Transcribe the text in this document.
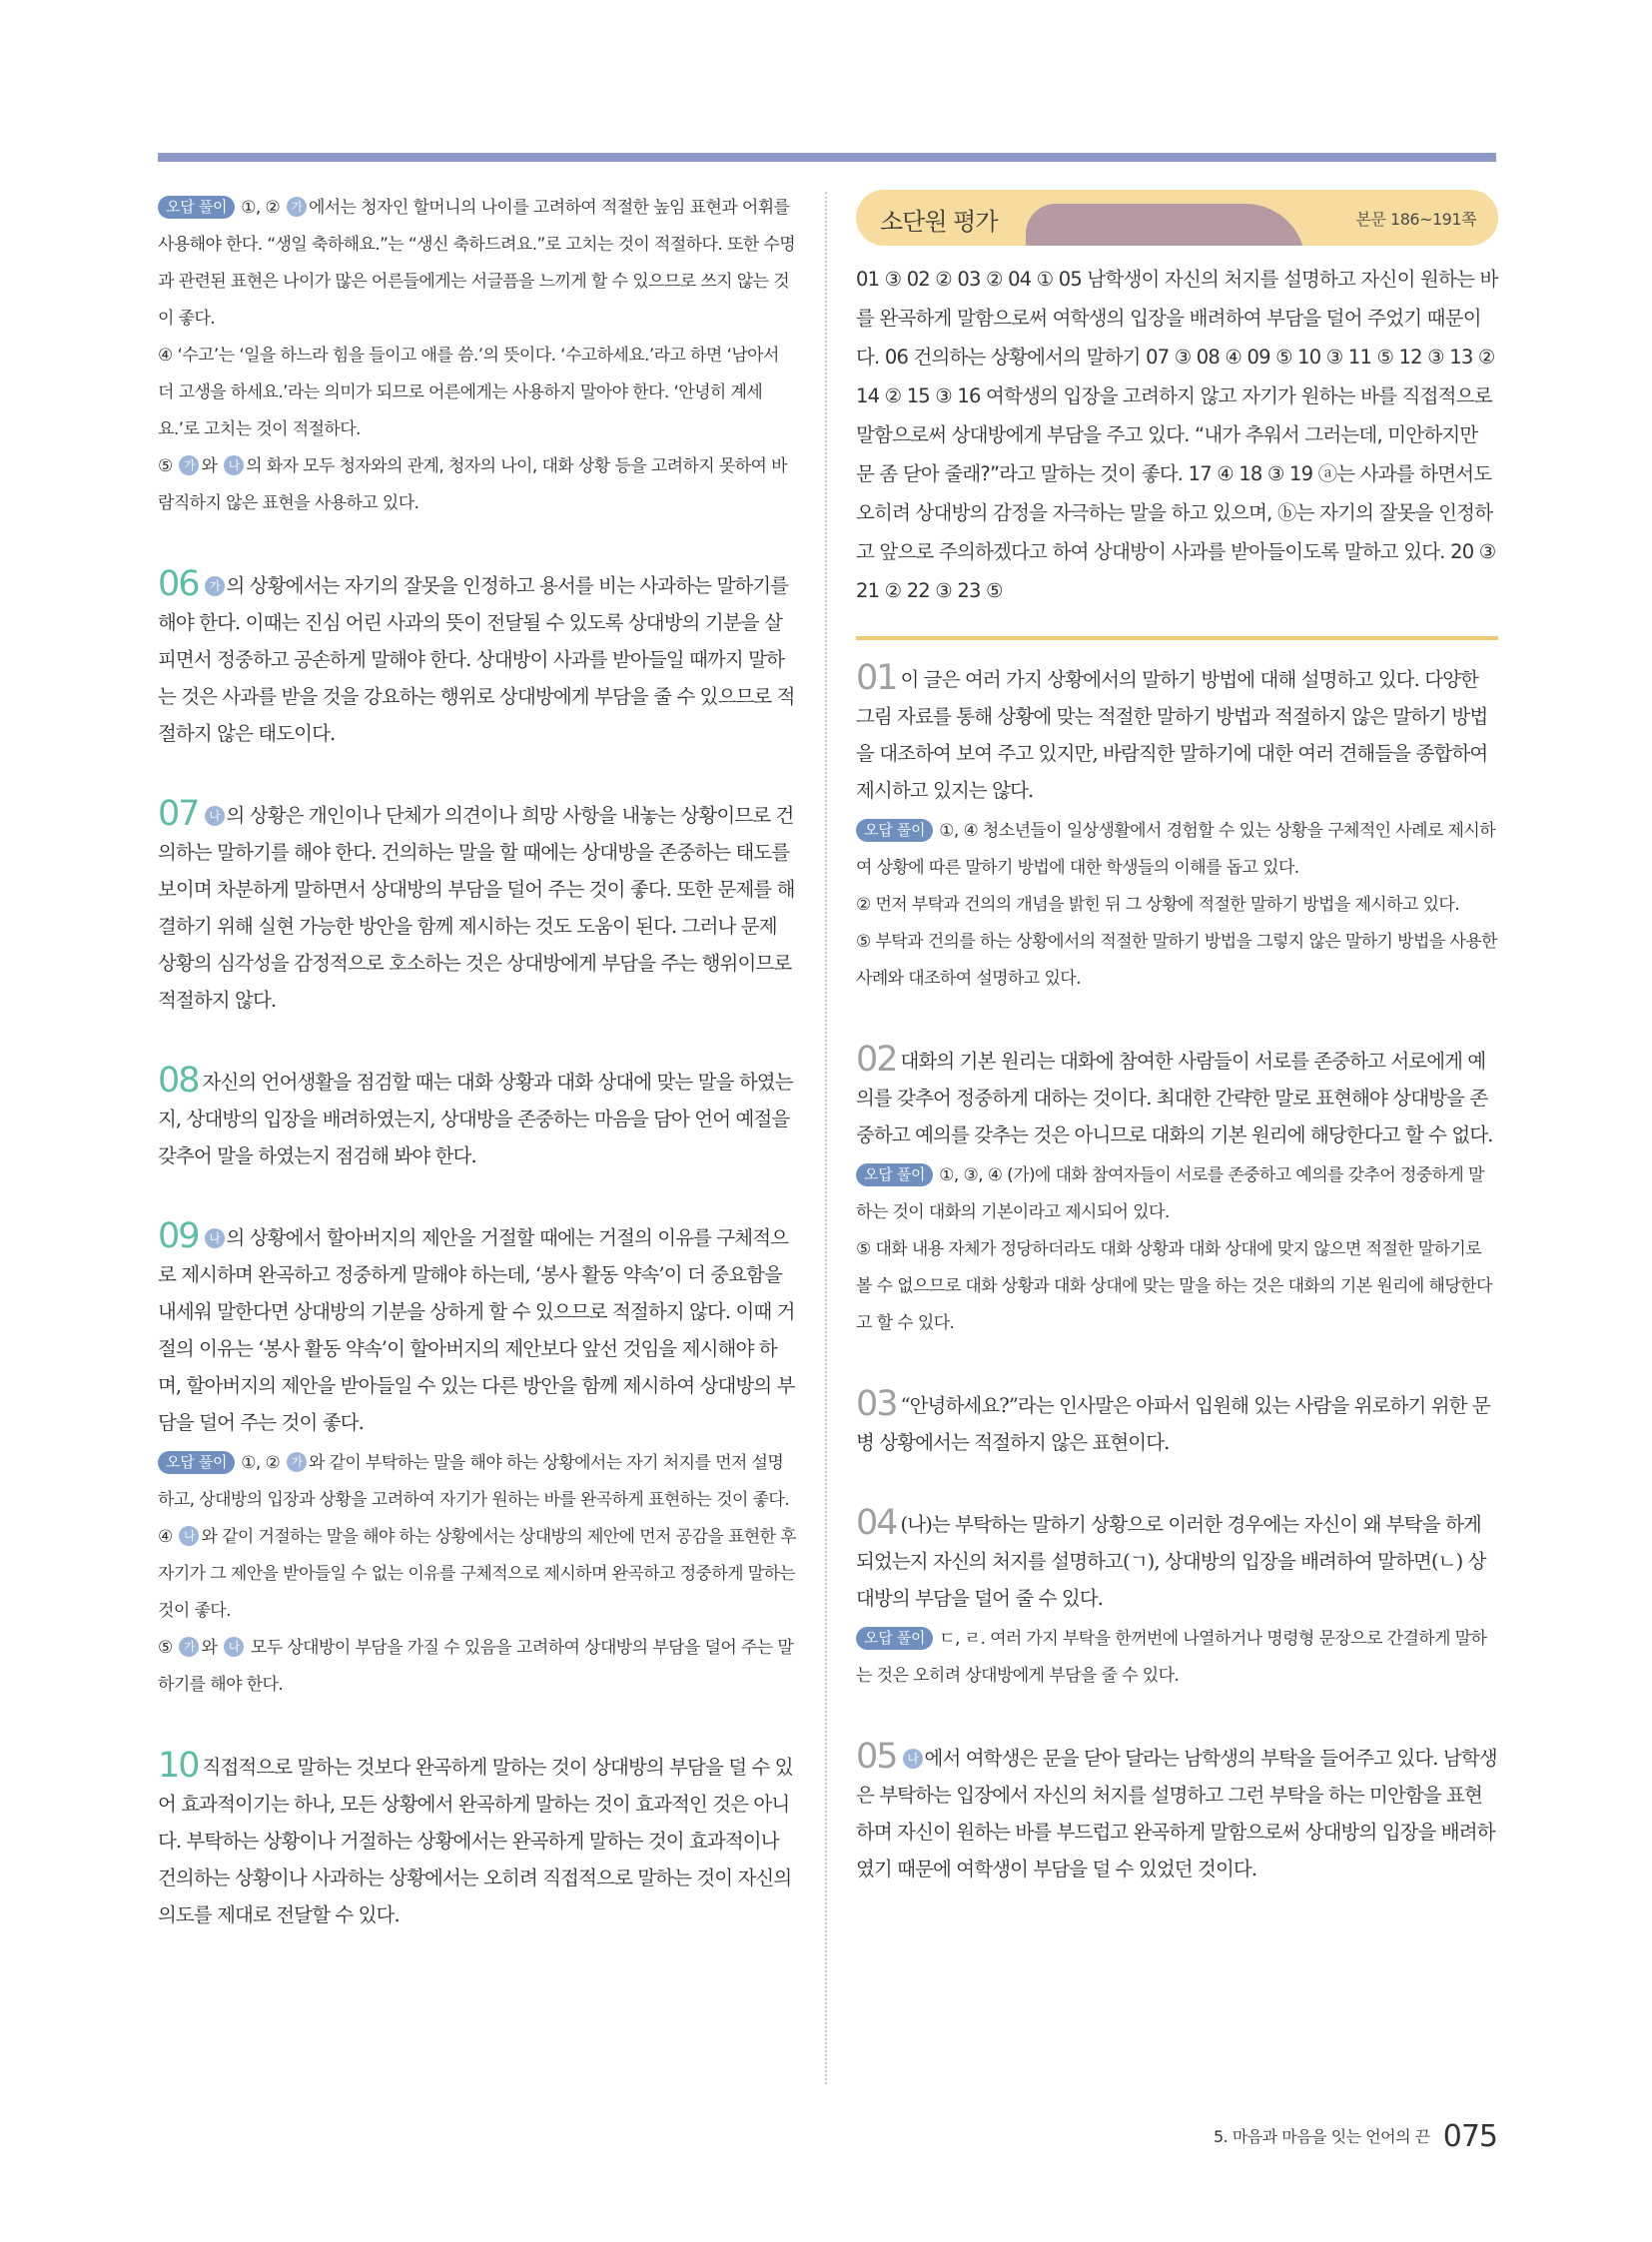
오답 풀이 ①, ② 가 에서는 청자인 할머니의 나이를 고려하여 적절한 높임 표현과 어휘를 사용해야 한다. “생일 축하해요.”는 “생신 축하드려요.”로 고치는 것이 적절하다. 또한 수명과 관련된 표현은 나이가 많은 어른들에게는 서글픔을 느끼게 할 수 있으므로 쓰지 않는 것이 좋다.

④ ‘수고’는 ‘일을 하느라 힘을 들이고 애를 씀.’의 뜻이다. ‘수고하세요.’라고 하면 ‘남아서 더 고생을 하세요.’라는 의미가 되므로 어른에게는 사용하지 말아야 한다. ‘안녕히 계세요.’로 고치는 것이 적절하다.

⑤ 가 와 나 의 화자 모두 청자와의 관계, 청자의 나이, 대화 상황 등을 고려하지 못하여 바람직하지 않은 표현을 사용하고 있다.

06 가 의 상황에서는 자기의 잘못을 인정하고 용서를 비는 사과하는 말하기를 해야 한다. 이때는 진심 어린 사과의 뜻이 전달될 수 있도록 상대방의 기분을 살피면서 정중하고 공손하게 말해야 한다. 상대방이 사과를 받아들일 때까지 말하는 것은 사과를 받을 것을 강요하는 행위로 상대방에게 부담을 줄 수 있으므로 적절하지 않은 태도이다.

07 나 의 상황은 개인이나 단체가 의견이나 희망 사항을 내놓는 상황이므로 건의하는 말하기를 해야 한다. 건의하는 말을 할 때에는 상대방을 존중하는 태도를 보이며 차분하게 말하면서 상대방의 부담을 덜어 주는 것이 좋다. 또한 문제를 해결하기 위해 실현 가능한 방안을 함께 제시하는 것도 도움이 된다. 그러나 문제 상황의 심각성을 감정적으로 호소하는 것은 상대방에게 부담을 주는 행위이므로 적절하지 않다.

08 자신의 언어생활을 점검할 때는 대화 상황과 대화 상대에 맞는 말을 하였는지, 상대방의 입장을 배려하였는지, 상대방을 존중하는 마음을 담아 언어 예절을 갖추어 말을 하였는지 점검해 봐야 한다.

09 나 의 상황에서 할아버지의 제안을 거절할 때에는 거절의 이유를 구체적으로 제시하며 완곡하고 정중하게 말해야 하는데, ‘봉사 활동 약속’이 더 중요함을 내세워 말한다면 상대방의 기분을 상하게 할 수 있으므로 적절하지 않다. 이때 거절의 이유는 ‘봉사 활동 약속’이 할아버지의 제안보다 앞선 것임을 제시해야 하며, 할아버지의 제안을 받아들일 수 있는 다른 방안을 함께 제시하여 상대방의 부담을 덜어 주는 것이 좋다.

오답 풀이 ①, ② 가 와 같이 부탁하는 말을 해야 하는 상황에서는 자기 처지를 먼저 설명하고, 상대방의 입장과 상황을 고려하여 자기가 원하는 바를 완곡하게 표현하는 것이 좋다.

④ 나 와 같이 거절하는 말을 해야 하는 상황에서는 상대방의 제안에 먼저 공감을 표현한 후 자기가 그 제안을 받아들일 수 없는 이유를 구체적으로 제시하며 완곡하고 정중하게 말하는 것이 좋다.

⑤ 가 와 나 모두 상대방이 부담을 가질 수 있음을 고려하여 상대방의 부담을 덜어 주는 말하기를 해야 한다.

10 직접적으로 말하는 것보다 완곡하게 말하는 것이 상대방의 부담을 덜 수 있어 효과적이기는 하나, 모든 상황에서 완곡하게 말하는 것이 효과적인 것은 아니다. 부탁하는 상황이나 거절하는 상황에서는 완곡하게 말하는 것이 효과적이나 건의하는 상황이나 사과하는 상황에서는 오히려 직접적으로 말하는 것이 자신의 의도를 제대로 전달할 수 있다.

소단원 평가	본문 186~191쪽
01 ③ 02 ② 03 ② 04 ① 05 남학생이 자신의 처지를 설명하고 자신이 원하는 바를 완곡하게 말함으로써 여학생의 입장을 배려하여 부담을 덜어 주었기 때문이다. 06 건의하는 상황에서의 말하기 07 ③ 08 ④ 09 ⑤ 10 ③ 11 ⑤ 12 ③ 13 ② 14 ② 15 ③ 16 여학생의 입장을 고려하지 않고 자기가 원하는 바를 직접적으로 말함으로써 상대방에게 부담을 주고 있다. “내가 추워서 그러는데, 미안하지만 문 좀 닫아 줄래?”라고 말하는 것이 좋다. 17 ④ 18 ③ 19 ⓐ는 사과를 하면서도 오히려 상대방의 감정을 자극하는 말을 하고 있으며, ⓑ는 자기의 잘못을 인정하고 앞으로 주의하겠다고 하여 상대방이 사과를 받아들이도록 말하고 있다. 20 ③ 21 ② 22 ③ 23 ⑤

01 이 글은 여러 가지 상황에서의 말하기 방법에 대해 설명하고 있다. 다양한 그림 자료를 통해 상황에 맞는 적절한 말하기 방법과 적절하지 않은 말하기 방법을 대조하여 보여 주고 있지만, 바람직한 말하기에 대한 여러 견해들을 종합하여 제시하고 있지는 않다.

오답 풀이 ①, ④ 청소년들이 일상생활에서 경험할 수 있는 상황을 구체적인 사례로 제시하여 상황에 따른 말하기 방법에 대한 학생들의 이해를 돕고 있다.

② 먼저 부탁과 건의의 개념을 밝힌 뒤 그 상황에 적절한 말하기 방법을 제시하고 있다.

⑤ 부탁과 건의를 하는 상황에서의 적절한 말하기 방법을 그렇지 않은 말하기 방법을 사용한 사례와 대조하여 설명하고 있다.

02 대화의 기본 원리는 대화에 참여한 사람들이 서로를 존중하고 서로에게 예의를 갖추어 정중하게 대하는 것이다. 최대한 간략한 말로 표현해야 상대방을 존중하고 예의를 갖추는 것은 아니므로 대화의 기본 원리에 해당한다고 할 수 없다.

오답 풀이 ①, ③, ④ (가)에 대화 참여자들이 서로를 존중하고 예의를 갖추어 정중하게 말하는 것이 대화의 기본이라고 제시되어 있다.

⑤ 대화 내용 자체가 정당하더라도 대화 상황과 대화 상대에 맞지 않으면 적절한 말하기로 볼 수 없으므로 대화 상황과 대화 상대에 맞는 말을 하는 것은 대화의 기본 원리에 해당한다고 할 수 있다.

03 “안녕하세요?”라는 인사말은 아파서 입원해 있는 사람을 위로하기 위한 문병 상황에서는 적절하지 않은 표현이다.

04 (나)는 부탁하는 말하기 상황으로 이러한 경우에는 자신이 왜 부탁을 하게 되었는지 자신의 처지를 설명하고(ㄱ), 상대방의 입장을 배려하여 말하면(ㄴ) 상대방의 부담을 덜어 줄 수 있다.

오답 풀이 ㄷ, ㄹ. 여러 가지 부탁을 한꺼번에 나열하거나 명령형 문장으로 간결하게 말하는 것은 오히려 상대방에게 부담을 줄 수 있다.

05 나 에서 여학생은 문을 닫아 달라는 남학생의 부탁을 들어주고 있다. 남학생은 부탁하는 입장에서 자신의 처지를 설명하고 그런 부탁을 하는 미안함을 표현하며 자신이 원하는 바를 부드럽고 완곡하게 말함으로써 상대방의 입장을 배려하였기 때문에 여학생이 부담을 덜 수 있었던 것이다.

5. 마음과 마음을 잇는 언어의 끈 075
